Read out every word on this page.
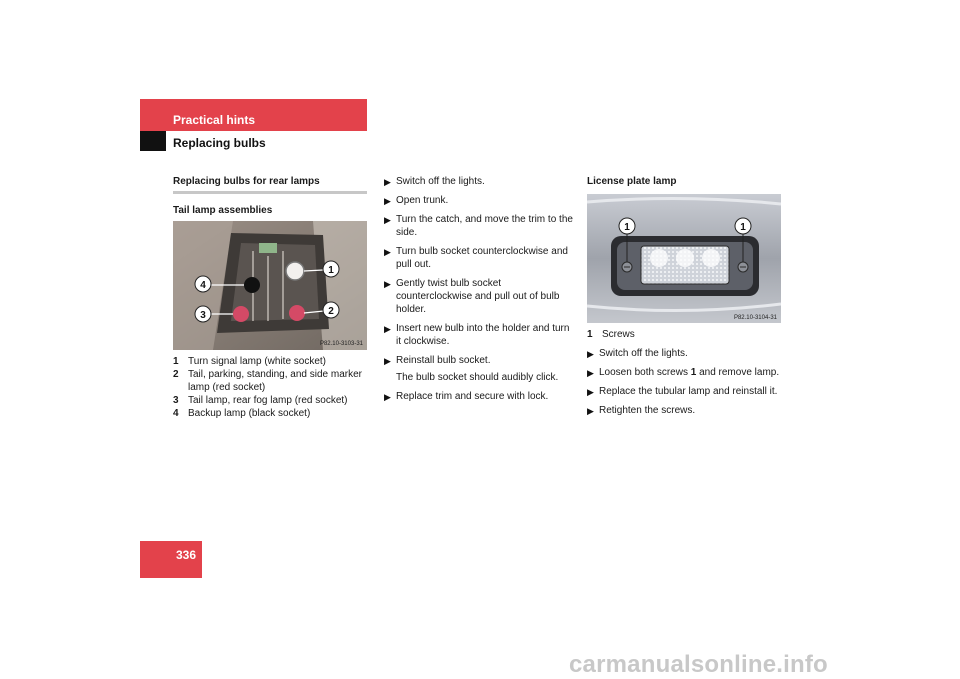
Practical hints
Replacing bulbs
Replacing bulbs for rear lamps
Tail lamp assemblies
1
2
3
4
P82.10-3103-31
1 Turn signal lamp (white socket)
2 Tail, parking, standing, and side marker lamp (red socket)
3 Tail lamp, rear fog lamp (red socket)
4 Backup lamp (black socket)
▶ Switch off the lights.
▶ Open trunk.
▶ Turn the catch, and move the trim to the side.
▶ Turn bulb socket counterclockwise and pull out.
▶ Gently twist bulb socket counterclockwise and pull out of bulb holder.
▶ Insert new bulb into the holder and turn it clockwise.
▶ Reinstall bulb socket.
The bulb socket should audibly click.
▶ Replace trim and secure with lock.
License plate lamp
1	1
P82.10-3104-31
1 Screws
▶ Switch off the lights.
▶ Loosen both screws 1 and remove lamp.
▶ Replace the tubular lamp and reinstall it.
▶ Retighten the screws.
336
carmanualsonline.info
